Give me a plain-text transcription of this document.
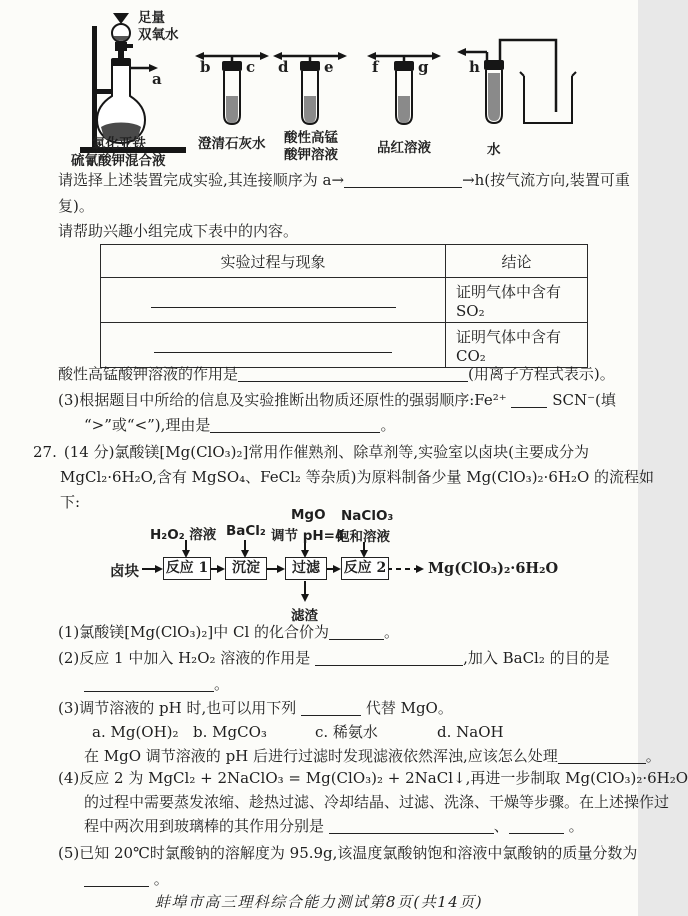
足量
双氧水
a
氯化亚铁
硫氰酸钾混合液
b c
澄清石灰水
d e
酸性高锰
酸钾溶液
f	g
品红溶液
h
水
请选择上述装置完成实验,其连接顺序为 a→	→h(按气流方向,装置可重
复)。
请帮助兴趣小组完成下表中的内容。
实验过程与现象	结论
	证明气体中含有 SO₂
	证明气体中含有 CO₂
酸性高锰酸钾溶液的作用是	(用离子方程式表示)。
(3)根据题目中所给的信息及实验推断出物质还原性的强弱顺序:Fe²⁺	SCN⁻(填
“>”或“<”),理由是	。
27. (14 分)氯酸镁[Mg(ClO₃)₂]常用作催熟剂、除草剂等,实验室以卤块(主要成分为
MgCl₂·6H₂O,含有 MgSO₄、FeCl₂ 等杂质)为原料制备少量 Mg(ClO₃)₂·6H₂O 的流程如
下:
卤块 反应 1	沉淀	过滤	反应 2	Mg(ClO₃)₂·6H₂O
H₂O₂ 溶液 BaCl₂
MgO
调节 pH=4
NaClO₃
饱和溶液
滤渣
(1)氯酸镁[Mg(ClO₃)₂]中 Cl 的化合价为	。
(2)反应 1 中加入 H₂O₂ 溶液的作用是	,加入 BaCl₂ 的目的是
。
(3)调节溶液的 pH 时,也可以用下列	代替 MgO。
a. Mg(OH)₂ b. MgCO₃	c. 稀氨水	d. NaOH
在 MgO 调节溶液的 pH 后进行过滤时发现滤液依然浑浊,应该怎么处理	。
(4)反应 2 为 MgCl₂ + 2NaClO₃ = Mg(ClO₃)₂ + 2NaCl↓,再进一步制取 Mg(ClO₃)₂·6H₂O
的过程中需要蒸发浓缩、趁热过滤、冷却结晶、过滤、洗涤、干燥等步骤。在上述操作过
程中两次用到玻璃棒的其作用分别是	、	。
(5)已知 20℃时氯酸钠的溶解度为 95.9g,该温度氯酸钠饱和溶液中氯酸钠的质量分数为
。
蚌埠市高三理科综合能力测试第8页(共14页)
